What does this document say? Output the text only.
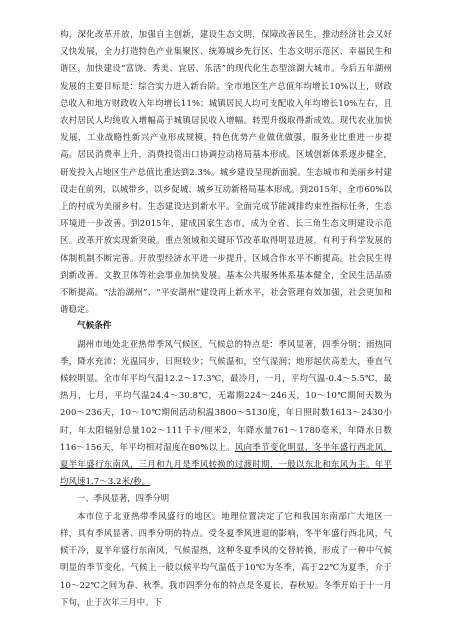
构，深化改革开放，加强自主创新，建设生态文明，保障改善民生，推动经济社会又好又快发展，全力打造特色产业集聚区、统筹城乡先行区、生态文明示范区、幸福民生和谐区，加快建设“富饶、秀美、宜居、乐活”的现代化生态型滨湖大城市。今后五年湖州发展的主要目标是：综合实力进入新台阶。全市地区生产总值年均增长10%以上，财政总收入和地方财政收入年均增长11%；城镇居民人均可支配收入年均增长10%左右，且农村居民人均纯收入增幅高于城镇居民收入增幅。转型升级取得新成效。现代农业加快发展，工业战略性新兴产业形成规模，特色优势产业做优做强，服务业比重进一步提高。居民消费率上升，消费投资出口协调拉动格局基本形成。区域创新体系逐步健全，研发投入占地区生产总值比重达到2.3%。城乡建设呈现新面貌。生态城市和美丽乡村建设走在前列，以城带乡，以乡促城、城乡互动新格局基本形成。到2015年，全市60%以上的村成为美丽乡村。生态建设达到新水平。全面完成节能减排约束性指标任务，生态环境进一步改善。到2015年，建成国家生态市，成为全省、长三角生态文明建设示范区。改革开放实现新突破。重点领域和关键环节改革取得明显进展，有利于科学发展的体制机制不断完善。开放型经济水平进一步提升，区域合作水平不断提高。社会民生得到新改善。文教卫体等社会事业加快发展。基本公共服务体系基本健全，全民生活品质不断提高。“法治湖州”、“平安湖州”建设再上新水平，社会管理有效加强，社会更加和谐稳定。

气候条件

湖州市地处北亚热带季风气候区，气候总的特点是：季风显著，四季分明；雨热同季，降水充沛；光温同步，日照较少；气候温和，空气湿润；地形起伏高差大，垂直气候较明显。全市年平均气温12.2～17.3℃，最冷月，一月，平均气温-0.4～5.5℃，最热月，七月，平均气温24.4～30.8℃，无霜期224～246天，10～10℃期间天数为200～236天，10～10℃期间活动积温3800～5130度，年日照时数1613～2430小时，年太阳辐射总量102～111千卡/厘米2，年降水量761～1780毫米，年降水日数116～156天，年平均相对湿度在80%以上。风向季节变化明显，冬半年盛行西北风，夏半年盛行东南风，三月和九月是季风转换的过渡时期，一般以东北和东风为主。年平均风速1.7～3.2米/秒。

一、季风显著，四季分明

本市位于北亚热带季风盛行的地区。地理位置决定了它和我国东南部广大地区一样，具有季风显著、四季分明的特点。受冬夏季风进退的影响，冬半年盛行西北风，气候干冷，夏半年盛行东南风，气候湿热，这种冬夏季风的交替转换，形成了一种中气候明显的季节变化。气候上一般以候平均气温低于10℃为冬季，高于22℃为夏季，介于10～22℃之间为春、秋季。我市四季分布的特点是冬夏长，春秋短。冬季开始于十一月下旬，止于次年三月中。下
